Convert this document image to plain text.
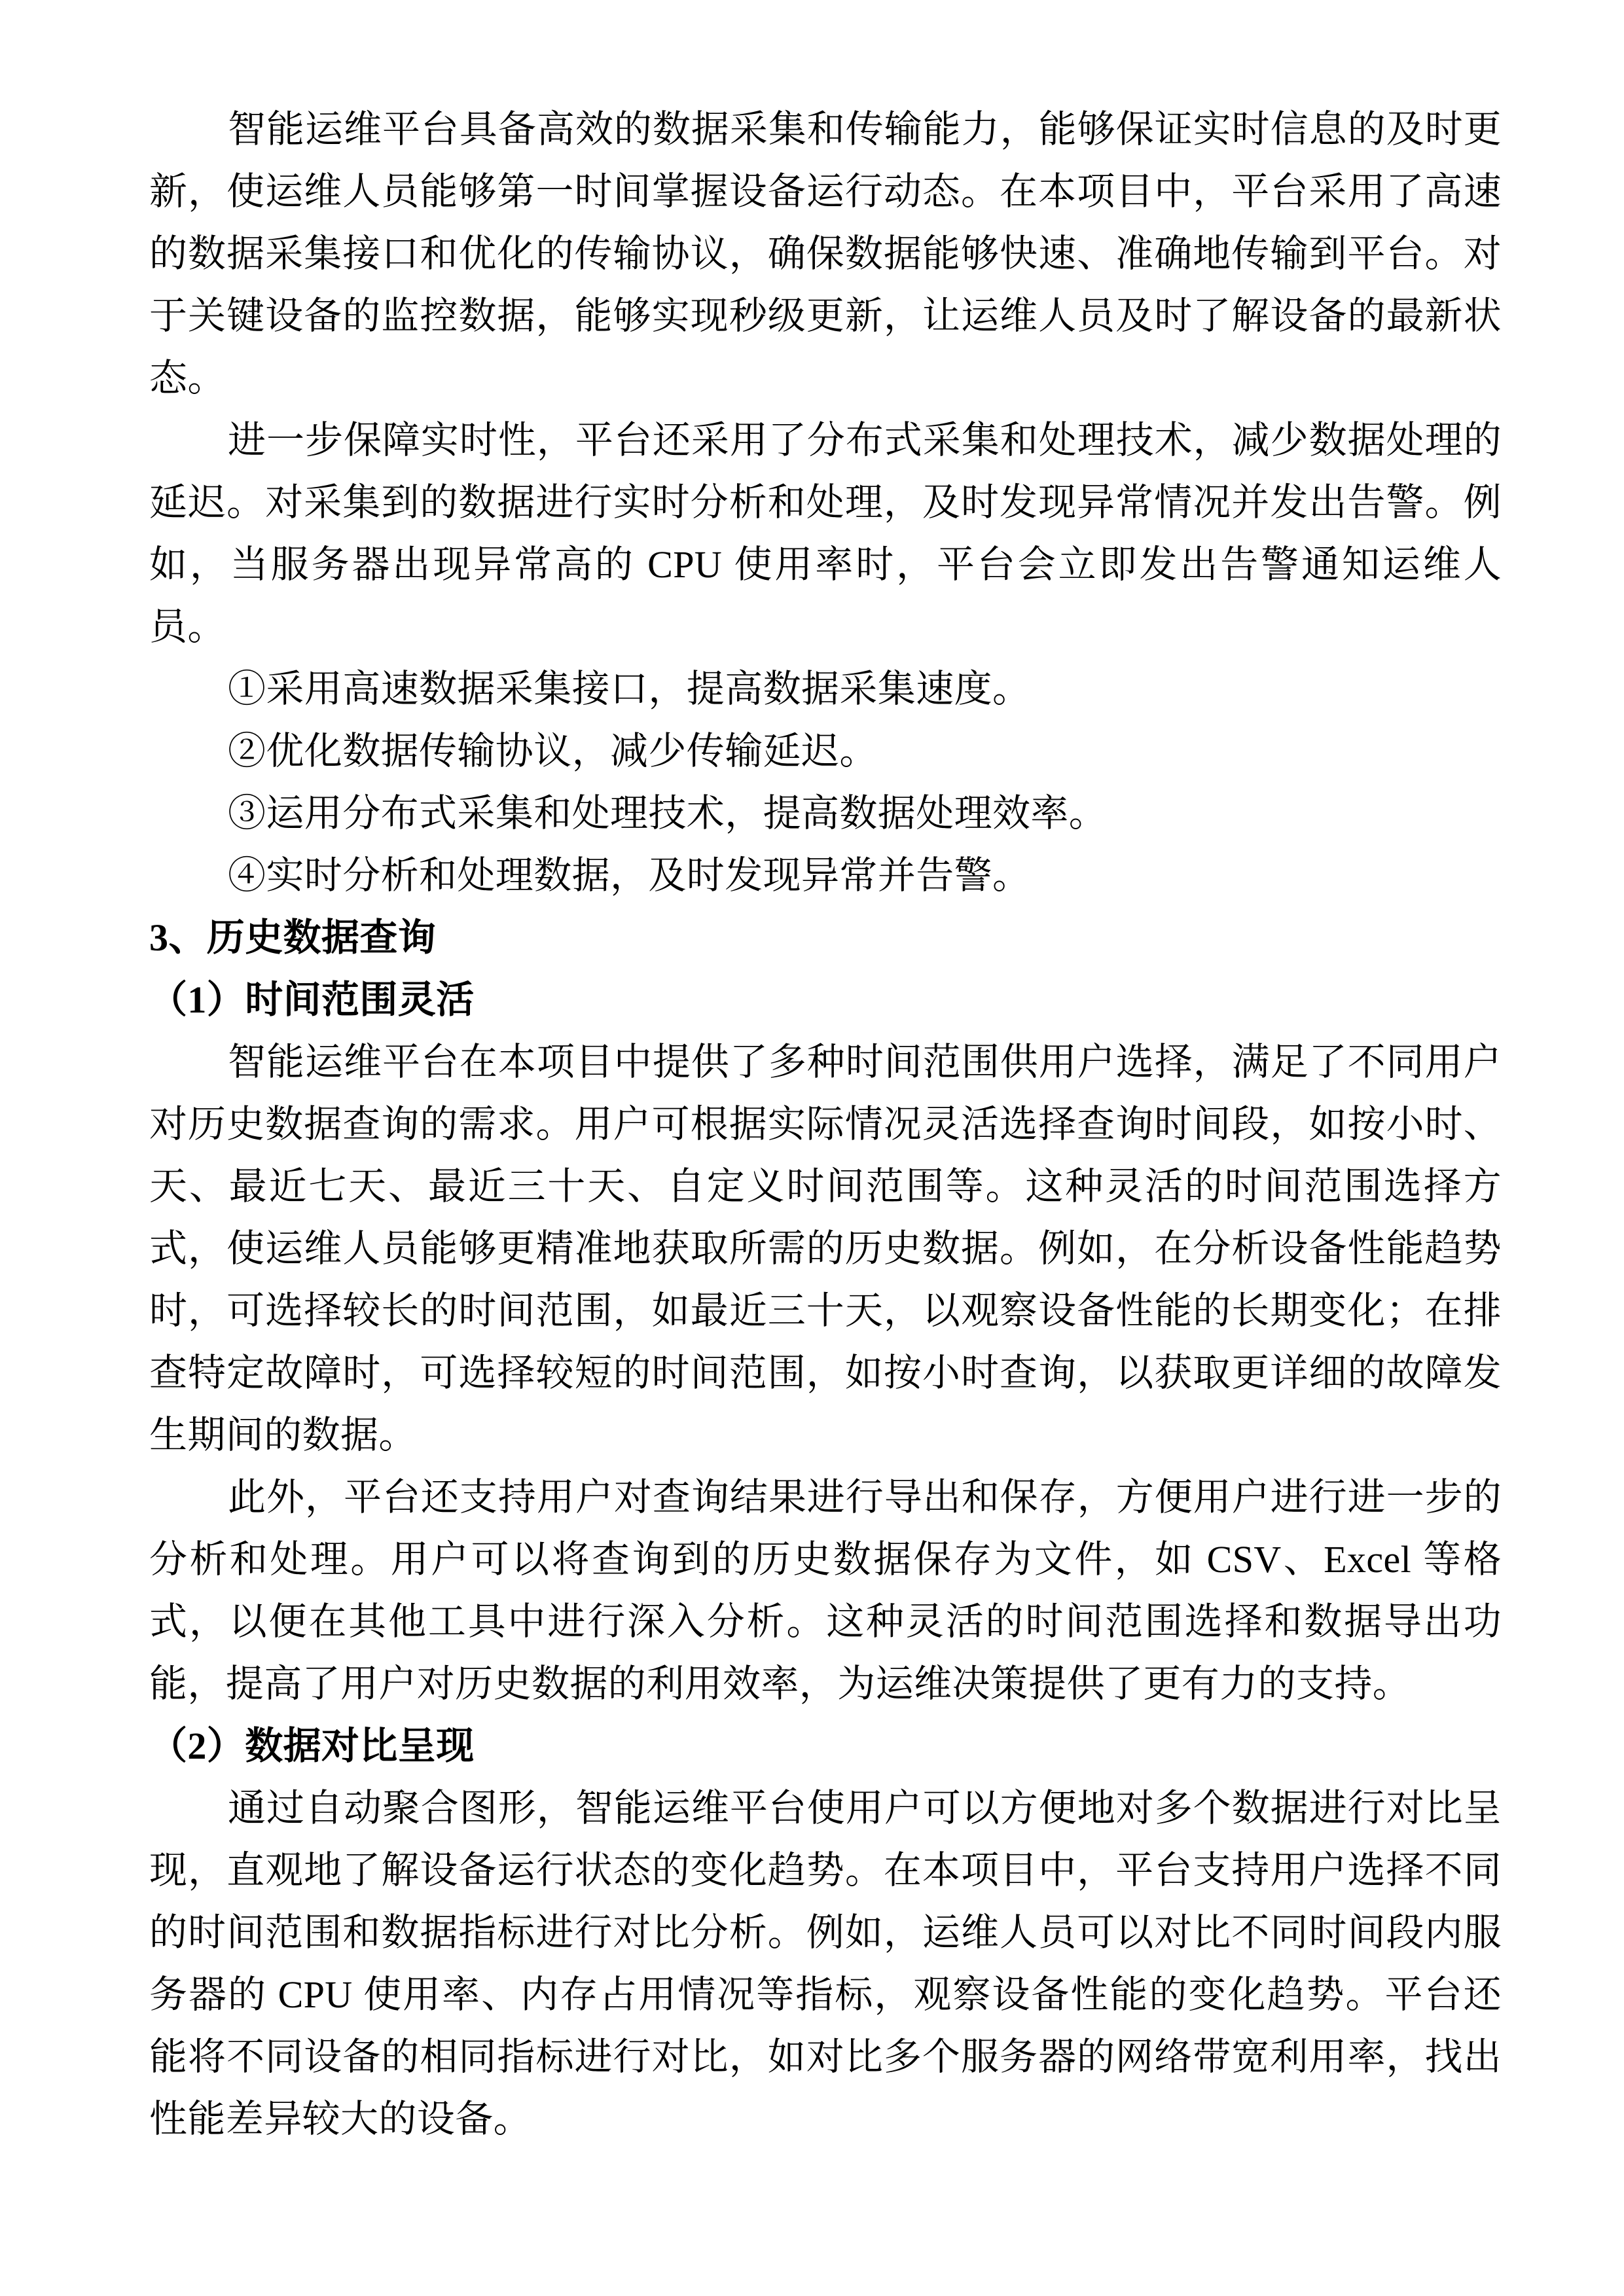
智能运维平台具备高效的数据采集和传输能力，能够保证实时信息的及时更新，使运维人员能够第一时间掌握设备运行动态。在本项目中，平台采用了高速的数据采集接口和优化的传输协议，确保数据能够快速、准确地传输到平台。对于关键设备的监控数据，能够实现秒级更新，让运维人员及时了解设备的最新状态。

进一步保障实时性，平台还采用了分布式采集和处理技术，减少数据处理的延迟。对采集到的数据进行实时分析和处理，及时发现异常情况并发出告警。例如，当服务器出现异常高的 CPU 使用率时，平台会立即发出告警通知运维人员。

①采用高速数据采集接口，提高数据采集速度。

②优化数据传输协议，减少传输延迟。

③运用分布式采集和处理技术，提高数据处理效率。

④实时分析和处理数据，及时发现异常并告警。

3、历史数据查询
（1）时间范围灵活

智能运维平台在本项目中提供了多种时间范围供用户选择，满足了不同用户对历史数据查询的需求。用户可根据实际情况灵活选择查询时间段，如按小时、天、最近七天、最近三十天、自定义时间范围等。这种灵活的时间范围选择方式，使运维人员能够更精准地获取所需的历史数据。例如，在分析设备性能趋势时，可选择较长的时间范围，如最近三十天，以观察设备性能的长期变化；在排查特定故障时，可选择较短的时间范围，如按小时查询，以获取更详细的故障发生期间的数据。

此外，平台还支持用户对查询结果进行导出和保存，方便用户进行进一步的分析和处理。用户可以将查询到的历史数据保存为文件，如 CSV、Excel 等格式，以便在其他工具中进行深入分析。这种灵活的时间范围选择和数据导出功能，提高了用户对历史数据的利用效率，为运维决策提供了更有力的支持。

（2）数据对比呈现

通过自动聚合图形，智能运维平台使用户可以方便地对多个数据进行对比呈现，直观地了解设备运行状态的变化趋势。在本项目中，平台支持用户选择不同的时间范围和数据指标进行对比分析。例如，运维人员可以对比不同时间段内服务器的 CPU 使用率、内存占用情况等指标，观察设备性能的变化趋势。平台还能将不同设备的相同指标进行对比，如对比多个服务器的网络带宽利用率，找出性能差异较大的设备。
